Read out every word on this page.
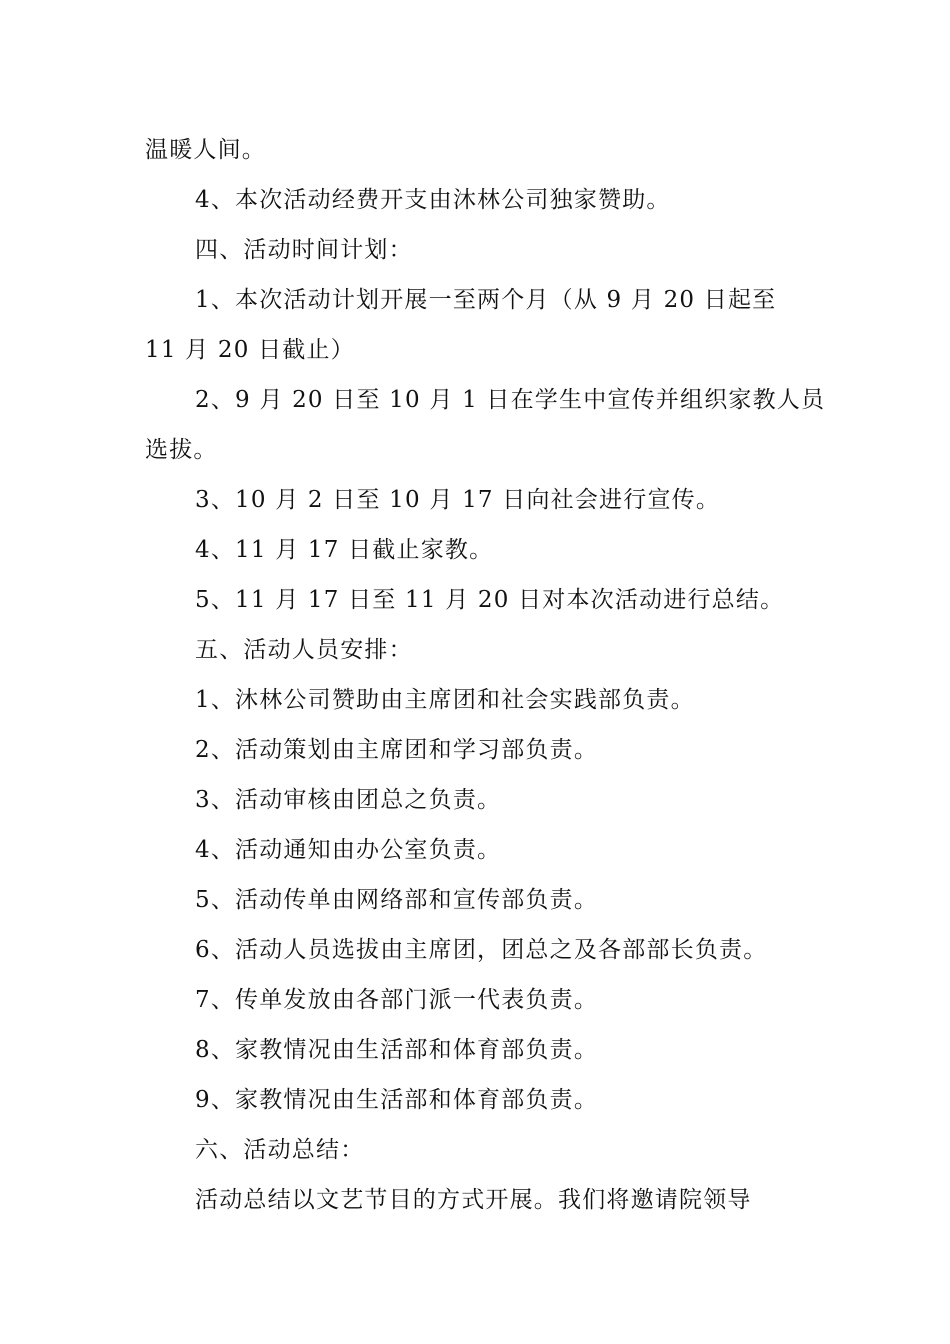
温暖人间。
4、本次活动经费开支由沐林公司独家赞助。
四、活动时间计划：
1、本次活动计划开展一至两个月（从 9 月 20 日起至
11 月 20 日截止）
2、9 月 20 日至 10 月 1 日在学生中宣传并组织家教人员
选拔。
3、10 月 2 日至 10 月 17 日向社会进行宣传。
4、11 月 17 日截止家教。
5、11 月 17 日至 11 月 20 日对本次活动进行总结。
五、活动人员安排：
1、沐林公司赞助由主席团和社会实践部负责。
2、活动策划由主席团和学习部负责。
3、活动审核由团总之负责。
4、活动通知由办公室负责。
5、活动传单由网络部和宣传部负责。
6、活动人员选拔由主席团，团总之及各部部长负责。
7、传单发放由各部门派一代表负责。
8、家教情况由生活部和体育部负责。
9、家教情况由生活部和体育部负责。
六、活动总结：
活动总结以文艺节目的方式开展。我们将邀请院领导
